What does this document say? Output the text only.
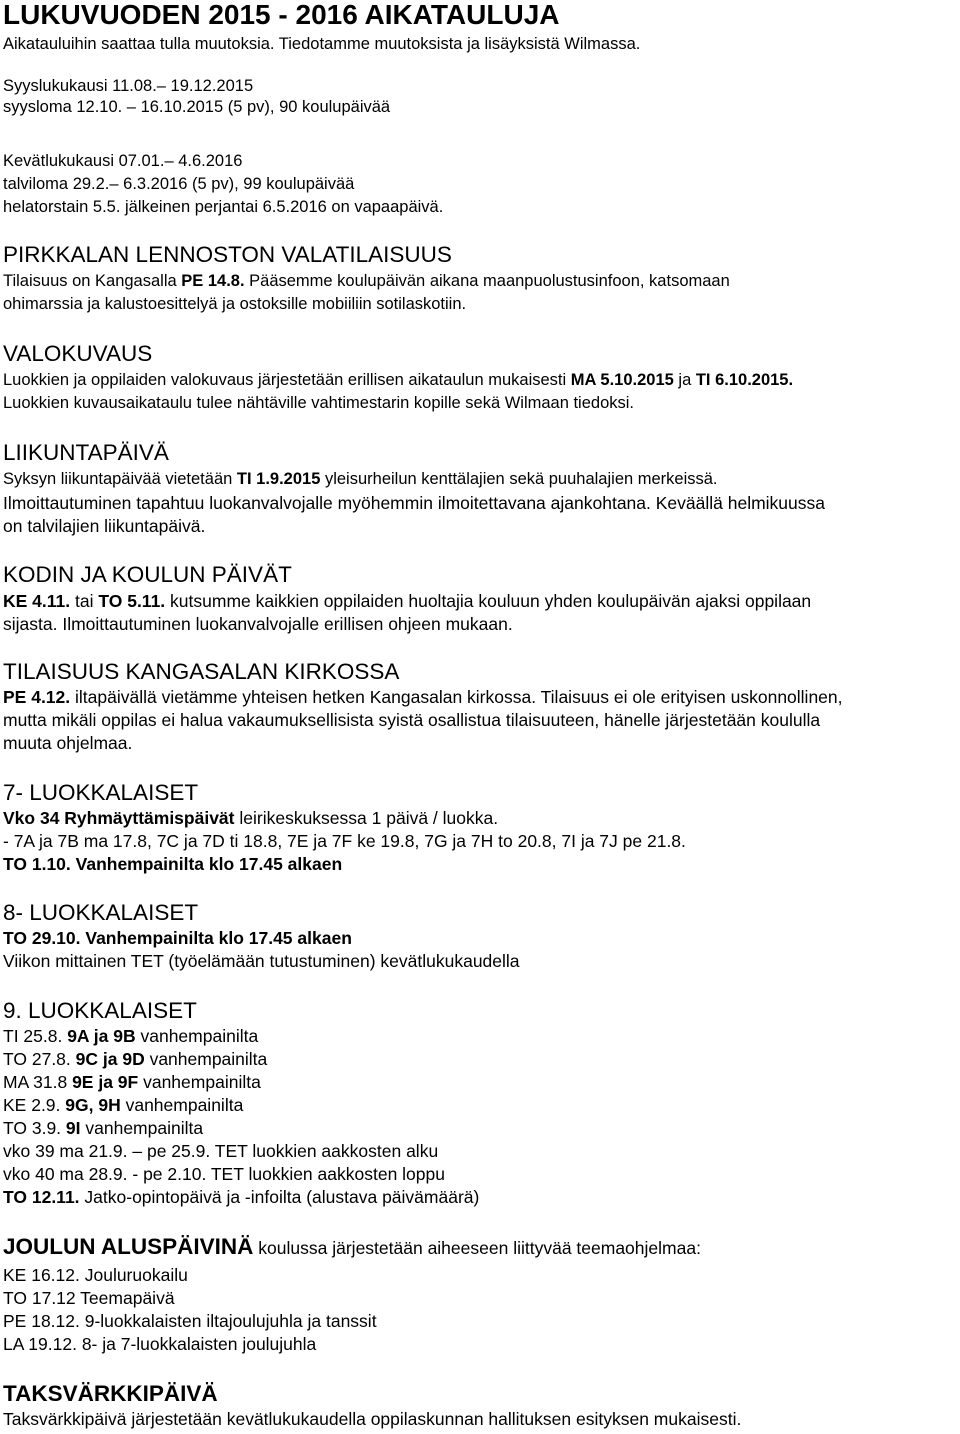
LUKUVUODEN 2015 - 2016 AIKATAULUJA
Aikatauluihin saattaa tulla muutoksia. Tiedotamme muutoksista ja lisäyksistä Wilmassa.
Syyslukukausi 11.08.– 19.12.2015
syysloma 12.10. – 16.10.2015 (5 pv), 90 koulupäivää
Kevätlukukausi 07.01.– 4.6.2016
talviloma 29.2.– 6.3.2016 (5 pv), 99 koulupäivää
helatorstain 5.5. jälkeinen perjantai 6.5.2016 on vapaapäivä.
PIRKKALAN LENNOSTON VALATILAISUUS
Tilaisuus on Kangasalla PE 14.8. Pääsemme koulupäivän aikana maanpuolustusinfoon, katsomaan
ohimarssia ja kalustoesittelyä ja ostoksille mobiiliin sotilaskotiin.
VALOKUVAUS
Luokkien ja oppilaiden valokuvaus järjestetään erillisen aikataulun mukaisesti MA 5.10.2015 ja TI 6.10.2015.
Luokkien kuvausaikataulu tulee nähtäville vahtimestarin kopille sekä Wilmaan tiedoksi.
LIIKUNTAPÄIVÄ
Syksyn liikuntapäivää vietetään TI 1.9.2015 yleisurheilun kenttälajien sekä puuhalajien merkeissä.
Ilmoittautuminen tapahtuu luokanvalvojalle myöhemmin ilmoitettavana ajankohtana. Keväällä helmikuussa
on talvilajien liikuntapäivä.
KODIN JA KOULUN PÄIVÄT
KE 4.11. tai TO 5.11. kutsumme kaikkien oppilaiden huoltajia kouluun yhden koulupäivän ajaksi oppilaan
sijasta. Ilmoittautuminen luokanvalvojalle erillisen ohjeen mukaan.
TILAISUUS KANGASALAN KIRKOSSA
PE 4.12. iltapäivällä vietämme yhteisen hetken Kangasalan kirkossa. Tilaisuus ei ole erityisen uskonnollinen,
mutta mikäli oppilas ei halua vakaumuksellisista syistä osallistua tilaisuuteen, hänelle järjestetään koululla
muuta ohjelmaa.
7- LUOKKALAISET
Vko 34 Ryhmäyttämispäivät leirikeskuksessa 1 päivä / luokka.
- 7A ja 7B ma 17.8, 7C ja 7D ti 18.8, 7E ja 7F ke 19.8, 7G ja 7H to 20.8, 7I ja 7J pe 21.8.
TO 1.10. Vanhempainilta klo 17.45 alkaen
8- LUOKKALAISET
TO 29.10. Vanhempainilta klo 17.45 alkaen
Viikon mittainen TET (työelämään tutustuminen) kevätlukukaudella
9. LUOKKALAISET
TI 25.8. 9A ja 9B vanhempainilta
TO 27.8. 9C ja 9D vanhempainilta
MA 31.8 9E ja 9F vanhempainilta
KE 2.9. 9G, 9H vanhempainilta
TO 3.9. 9I vanhempainilta
vko 39 ma 21.9. – pe 25.9. TET luokkien aakkosten alku
vko 40 ma 28.9. - pe 2.10. TET luokkien aakkosten loppu
TO 12.11. Jatko-opintopäivä ja -infoilta (alustava päivämäärä)
JOULUN ALUSPÄIVINÄ koulussa järjestetään aiheeseen liittyvää teemaohjelmaa:
KE 16.12. Jouluruokailu
TO 17.12 Teemapäivä
PE 18.12. 9-luokkalaisten iltajoulujuhla ja tanssit
LA 19.12. 8- ja 7-luokkalaisten joulujuhla
TAKSVÄRKKIPÄIVÄ
Taksvärkkipäivä järjestetään kevätlukukaudella oppilaskunnan hallituksen esityksen mukaisesti.
